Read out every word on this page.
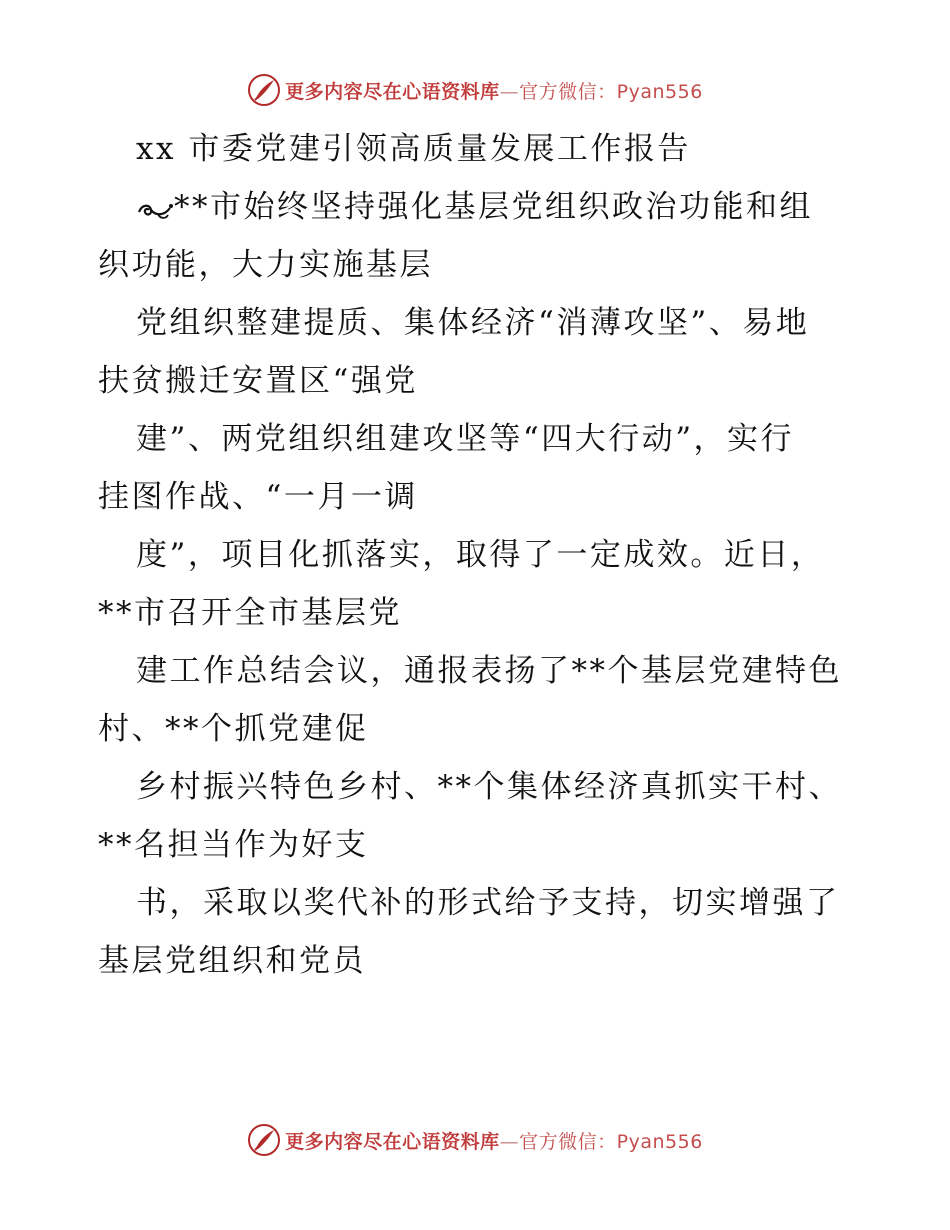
更多内容尽在心语资料库—官方微信：Pyan556
xx 市委党建引领高质量发展工作报告
**市始终坚持强化基层党组织政治功能和组
织功能，大力实施基层
党组织整建提质、集体经济“消薄攻坚”、易地
扶贫搬迁安置区“强党
建”、两党组织组建攻坚等“四大行动”，实行
挂图作战、“一月一调
度”，项目化抓落实，取得了一定成效。近日，
**市召开全市基层党
建工作总结会议，通报表扬了**个基层党建特色
村、**个抓党建促
乡村振兴特色乡村、**个集体经济真抓实干村、
**名担当作为好支
书，采取以奖代补的形式给予支持，切实增强了
基层党组织和党员
更多内容尽在心语资料库—官方微信：Pyan556
